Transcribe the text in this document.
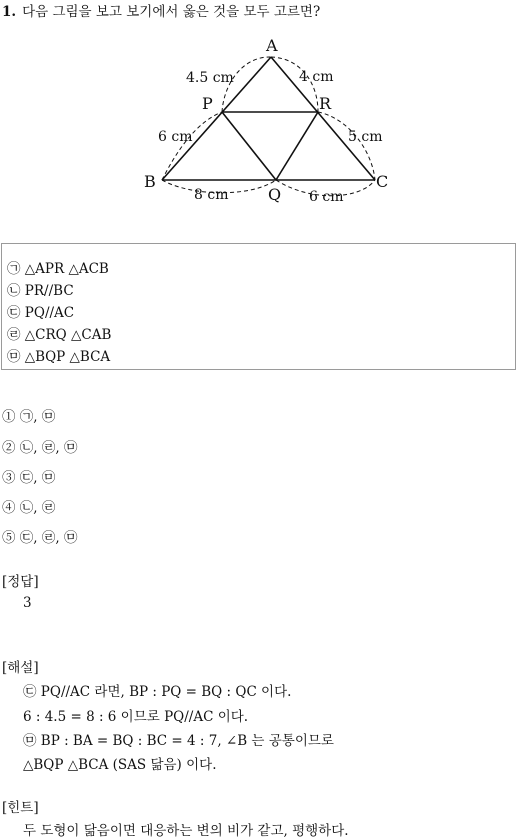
1. 다음 그림을 보고 보기에서 옳은 것을 모두 고르면?
A
B	C
P	R
Q
4.5 cm	4 cm
6 cm	5 cm
8 cm	6 cm
㉠ △APR △ACB
㉡ PR//BC
㉢ PQ//AC
㉣ △CRQ △CAB
㉤ △BQP △BCA
① ㉠, ㉤
② ㉡, ㉣, ㉤
③ ㉢, ㉤
④ ㉡, ㉣
⑤ ㉢, ㉣, ㉤
[정답]
3
[해설]
㉢ PQ//AC 라면, BP : PQ = BQ : QC 이다.
6 : 4.5 = 8 : 6 이므로 PQ//AC 이다.
㉤ BP : BA = BQ : BC = 4 : 7, ∠B 는 공통이므로
△BQP △BCA (SAS 닮음) 이다.
[힌트]
두 도형이 닮음이면 대응하는 변의 비가 같고, 평행하다.
